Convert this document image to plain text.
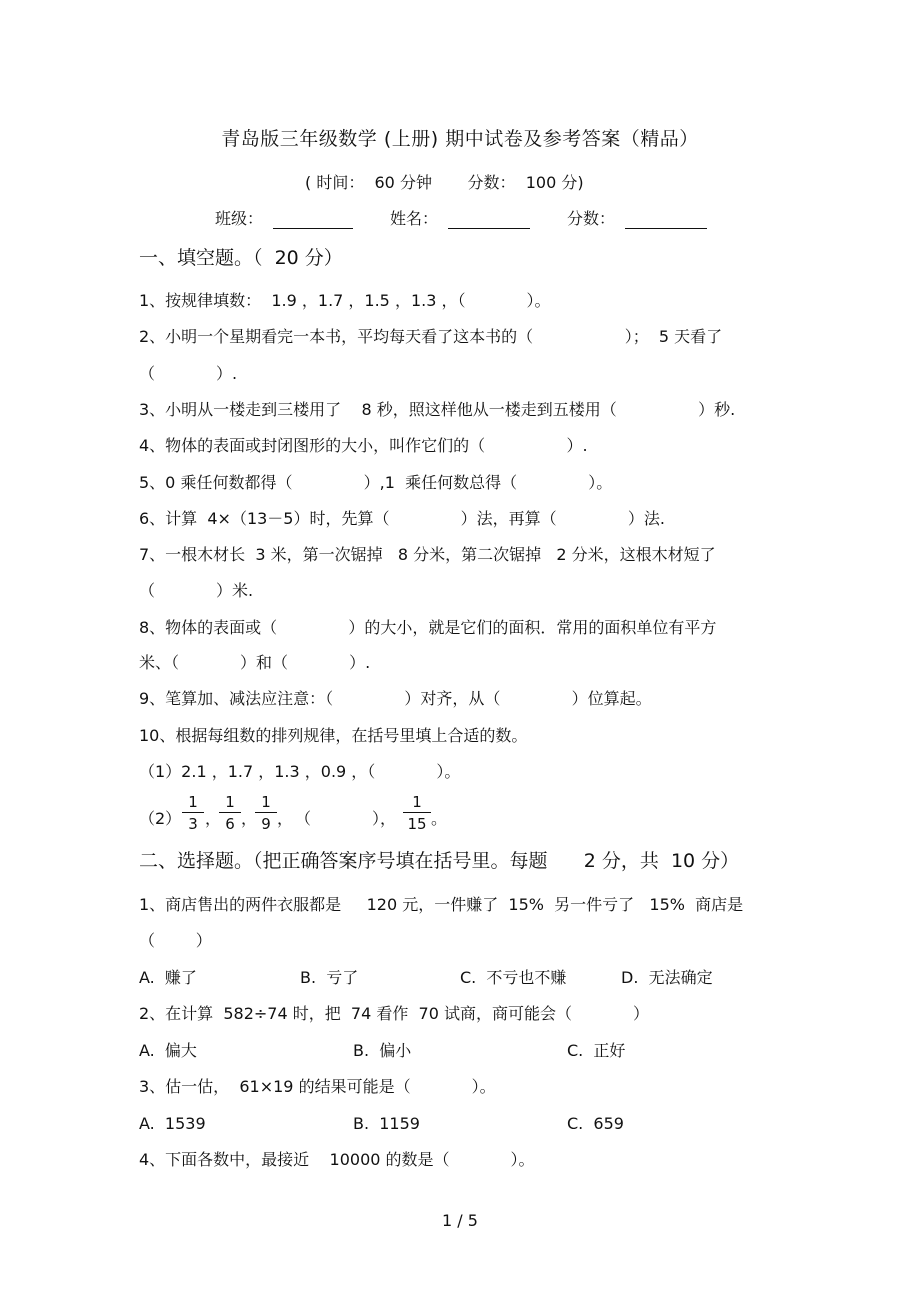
青岛版三年级数学 (上册) 期中试卷及参考答案（精品）
( 时间：  60 分钟       分数：  100 分)
班级：	姓名：	分数：
一、填空题。（  20 分）
1、按规律填数：  1.9 ，1.7 ，1.5 ，1.3 ，（            ）。
2、小明一个星期看完一本书，平均每天看了这本书的（                  ）；  5 天看了
（            ）.
3、小明从一楼走到三楼用了    8 秒，照这样他从一楼走到五楼用（                ）秒.
4、物体的表面或封闭图形的大小，叫作它们的（                ）.
5、0 乘任何数都得（              ）,1  乘任何数总得（              ）。
6、计算  4×（13－5）时，先算（              ）法，再算（              ）法.
7、一根木材长  3 米，第一次锯掉   8 分米，第二次锯掉   2 分米，这根木材短了
（            ）米.
8、物体的表面或（              ）的大小，就是它们的面积．常用的面积单位有平方
米、（            ）和（            ）.
9、笔算加、减法应注意：（              ）对齐，从（              ）位算起。
10、根据每组数的排列规律，在括号里填上合适的数。
（1）2.1 ，1.7 ，1.3 ，0.9 ，（            ）。
$(2) \frac{1}{3}$ ，
$\frac{1}{6}$ ，
$\frac{1}{9}$ ， （            ）， $\frac{1}{15}$ 。
二、选择题。（把正确答案序号填在括号里。每题      2 分，共  10 分）
1、商店售出的两件衣服都是     120 元，一件赚了  15%  另一件亏了   15%  商店是
（        ）
A.  赚了	B.  亏了	C.  不亏也不赚	D.  无法确定
2、在计算  582÷74 时，把  74 看作  70 试商，商可能会（            ）
A.  偏大	B.  偏小	C.  正好
3、估一估，  61×19 的结果可能是（            ）。
A.  1539	B.  1159	C.  659
4、下面各数中，最接近    10000 的数是（            ）。
1 / 5
